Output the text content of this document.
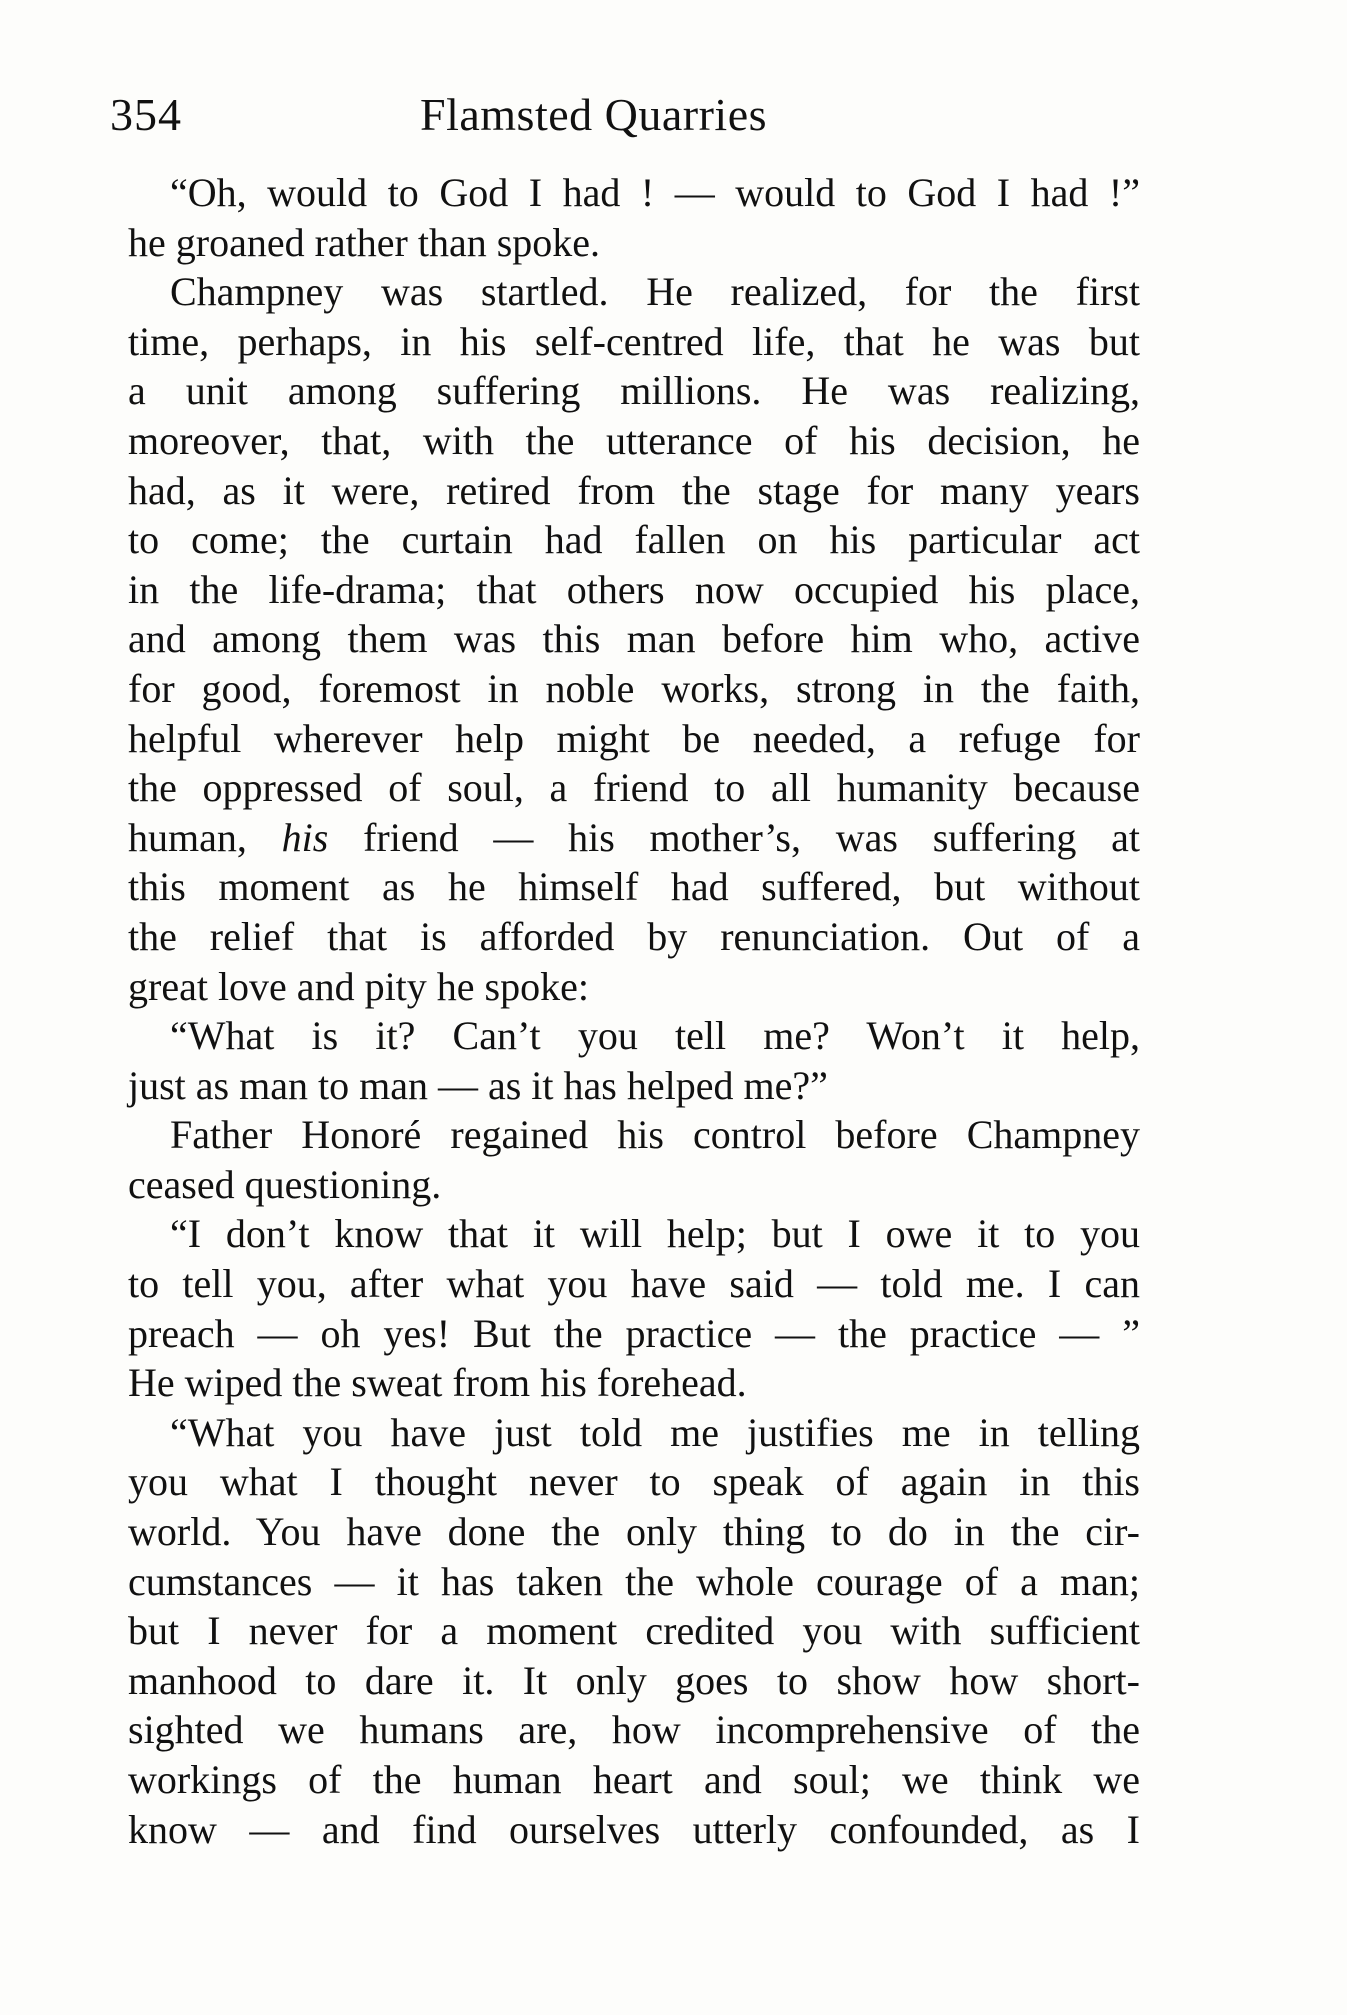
354	Flamsted Quarries
“Oh, would to God I had ! — would to God I had !”
he groaned rather than spoke.
Champney was startled. He realized, for the first
time, perhaps, in his self-centred life, that he was but
a unit among suffering millions. He was realizing,
moreover, that, with the utterance of his decision, he
had, as it were, retired from the stage for many years
to come; the curtain had fallen on his particular act
in the life-drama; that others now occupied his place,
and among them was this man before him who, active
for good, foremost in noble works, strong in the faith,
helpful wherever help might be needed, a refuge for
the oppressed of soul, a friend to all humanity because
human, his friend — his mother’s, was suffering at
this moment as he himself had suffered, but without
the relief that is afforded by renunciation. Out of a
great love and pity he spoke:
“What is it? Can’t you tell me? Won’t it help,
just as man to man — as it has helped me?”
Father Honoré regained his control before Champney
ceased questioning.
“I don’t know that it will help; but I owe it to you
to tell you, after what you have said — told me. I can
preach — oh yes! But the practice — the practice — ”
He wiped the sweat from his forehead.
“What you have just told me justifies me in telling
you what I thought never to speak of again in this
world. You have done the only thing to do in the cir-
cumstances — it has taken the whole courage of a man;
but I never for a moment credited you with sufficient
manhood to dare it. It only goes to show how short-
sighted we humans are, how incomprehensive of the
workings of the human heart and soul; we think we
know — and find ourselves utterly confounded, as I
